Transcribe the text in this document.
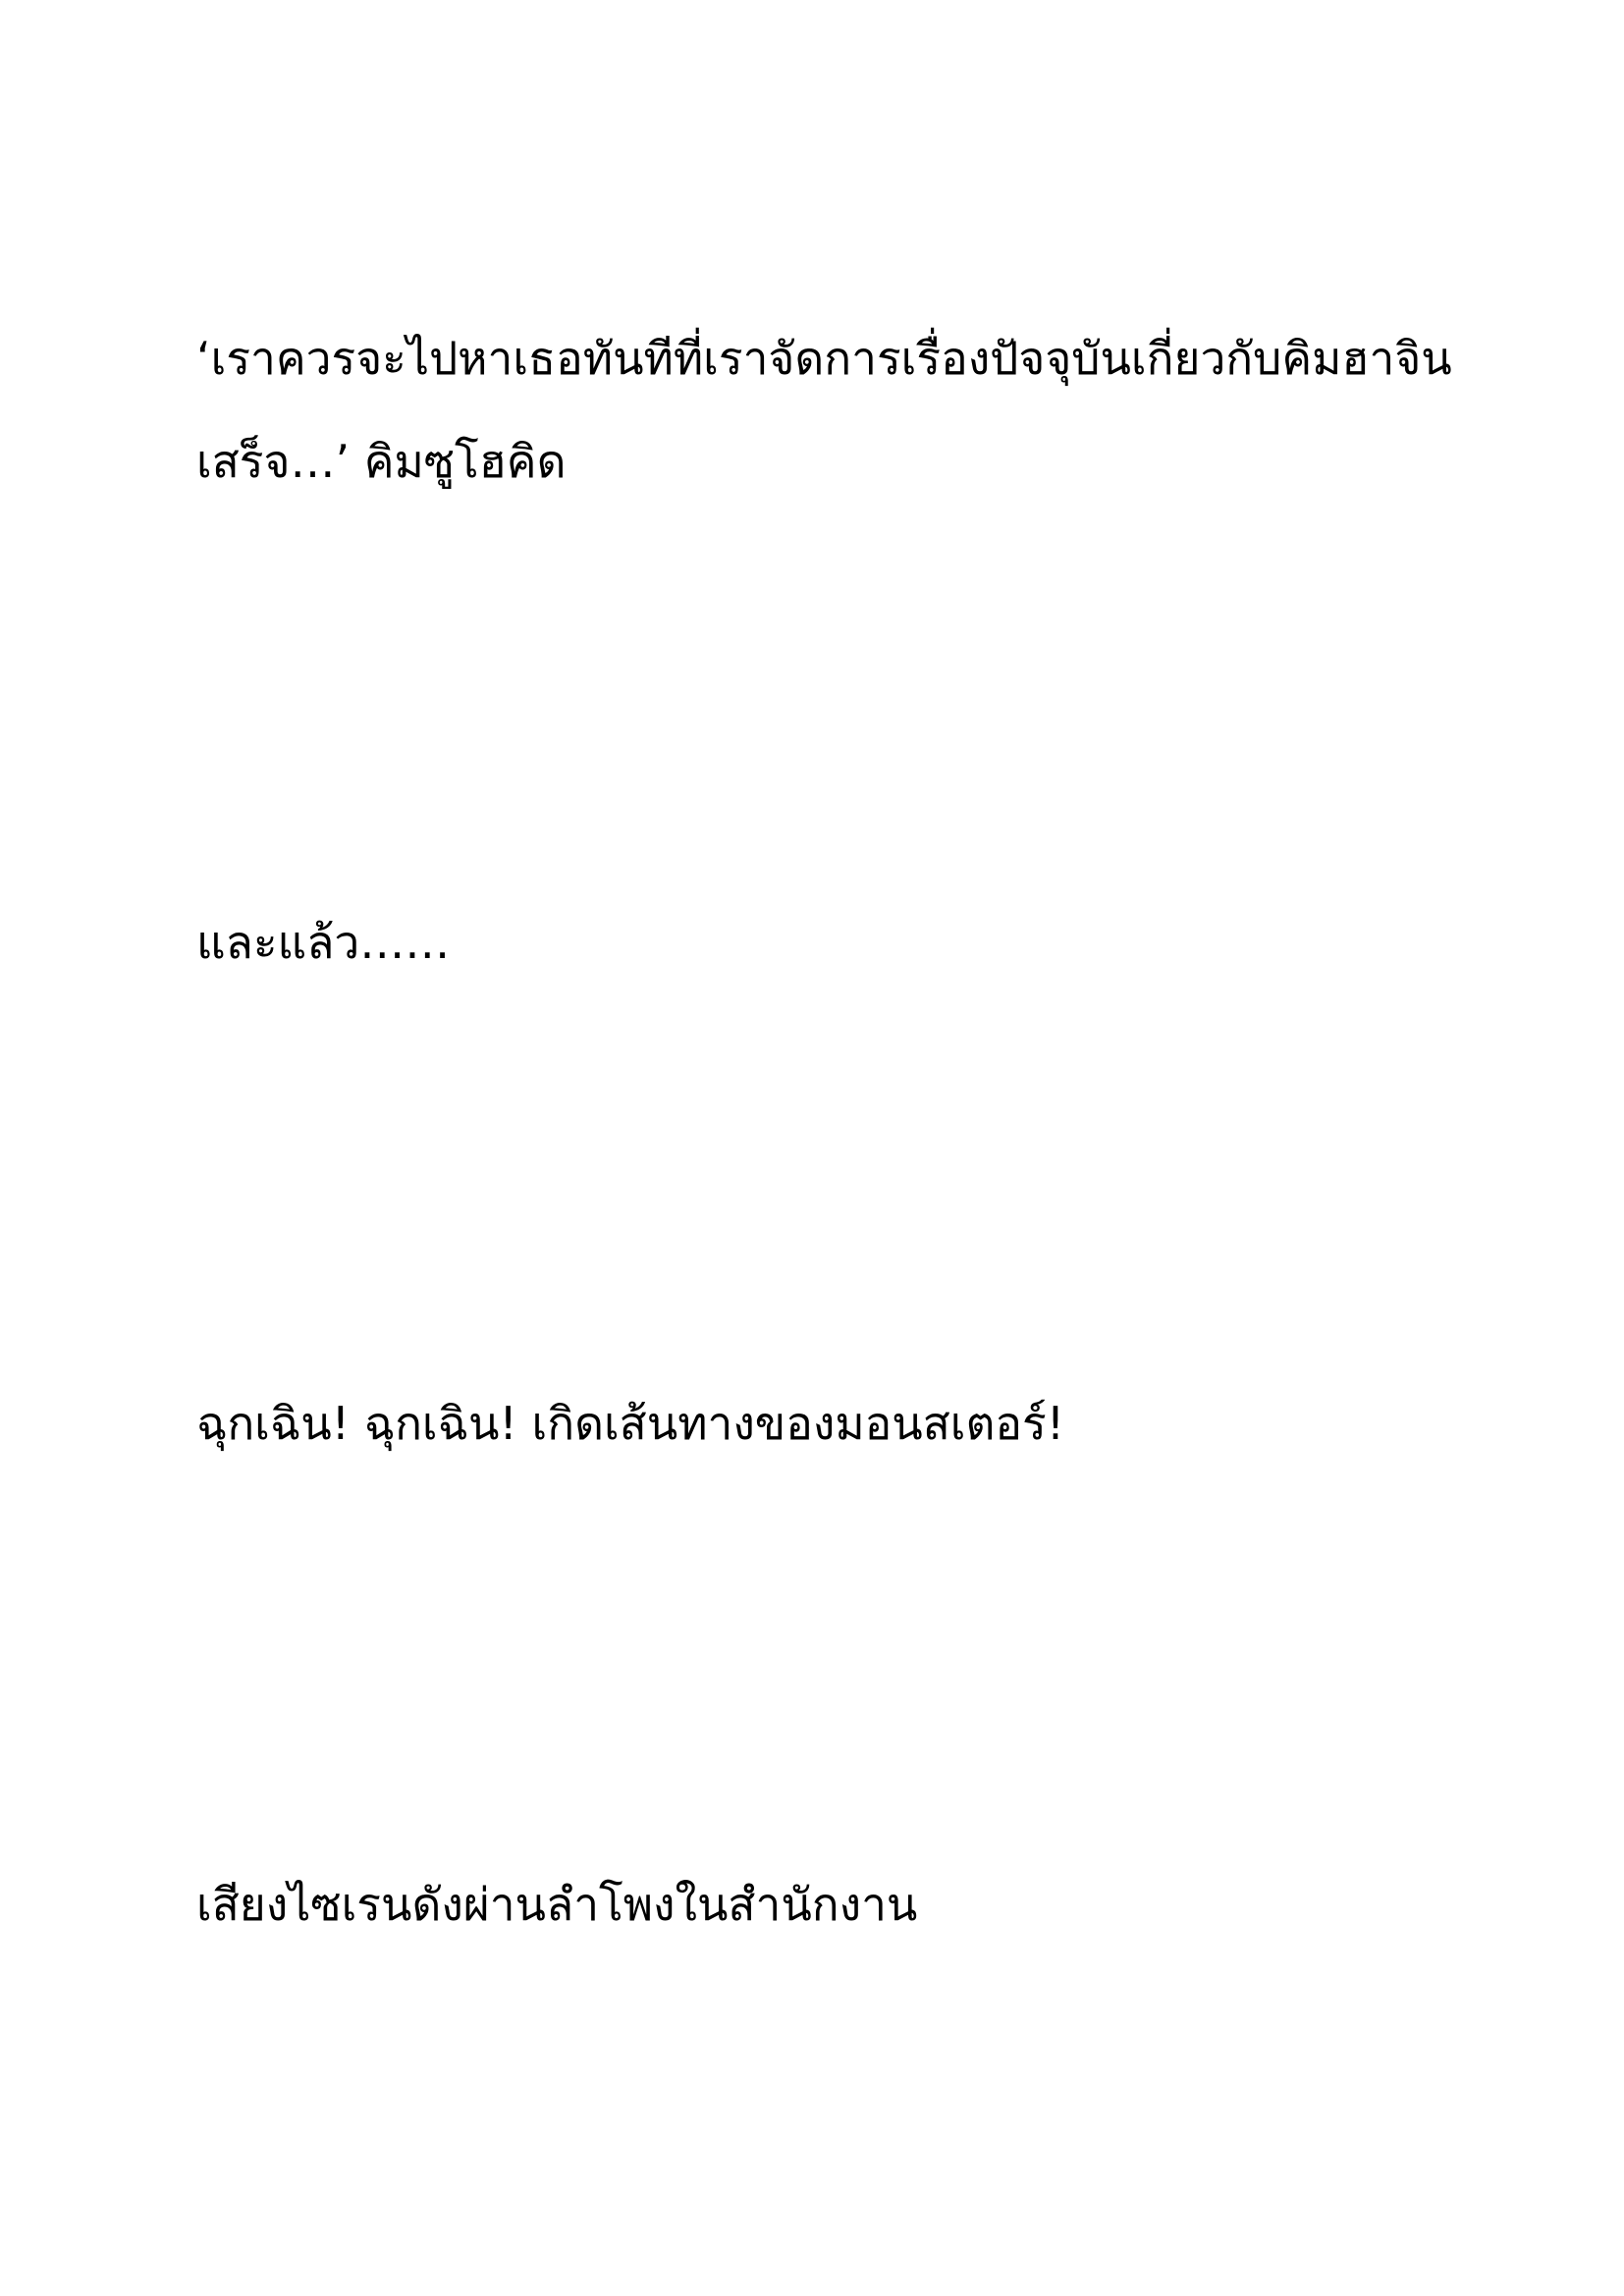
‘เราควรจะไปหาเธอทันทีที่เราจัดการเรื่องปัจจุบันเกี่ยวกับคิมฮาจิน

เสร็จ…’ คิมซูโฮคิด

และแล้ว……

ฉุกเฉิน! ฉุกเฉิน! เกิดเส้นทางของมอนสเตอร์!

เสียงไซเรนดังผ่านลำโพงในสำนักงาน
